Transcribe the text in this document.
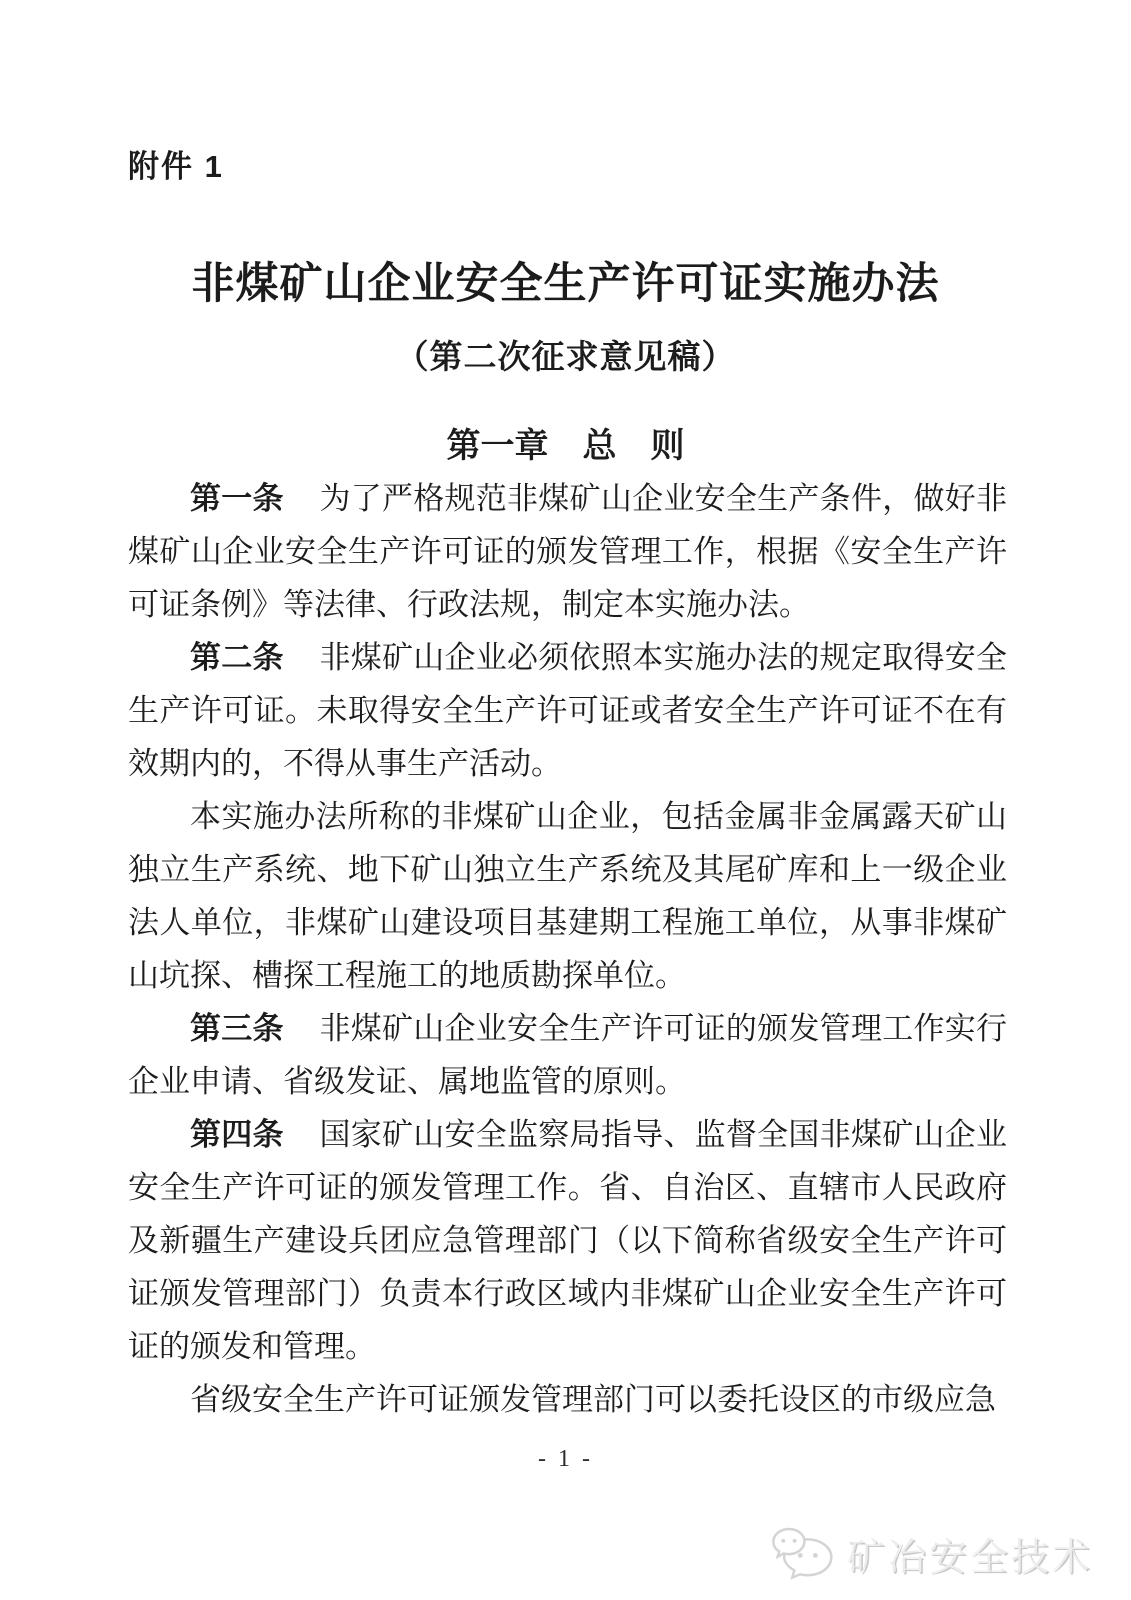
附件 1
非煤矿山企业安全生产许可证实施办法
（第二次征求意见稿）
第一章　总　则

第一条 为了严格规范非煤矿山企业安全生产条件，做好非煤矿山企业安全生产许可证的颁发管理工作，根据《安全生产许可证条例》等法律、行政法规，制定本实施办法。

第二条 非煤矿山企业必须依照本实施办法的规定取得安全生产许可证。未取得安全生产许可证或者安全生产许可证不在有效期内的，不得从事生产活动。

本实施办法所称的非煤矿山企业，包括金属非金属露天矿山独立生产系统、地下矿山独立生产系统及其尾矿库和上一级企业法人单位，非煤矿山建设项目基建期工程施工单位，从事非煤矿山坑探、槽探工程施工的地质勘探单位。

第三条 非煤矿山企业安全生产许可证的颁发管理工作实行企业申请、省级发证、属地监管的原则。

第四条 国家矿山安全监察局指导、监督全国非煤矿山企业安全生产许可证的颁发管理工作。省、自治区、直辖市人民政府及新疆生产建设兵团应急管理部门（以下简称省级安全生产许可证颁发管理部门）负责本行政区域内非煤矿山企业安全生产许可证的颁发和管理。

省级安全生产许可证颁发管理部门可以委托设区的市级应急

- 1 -
矿冶安全技术
